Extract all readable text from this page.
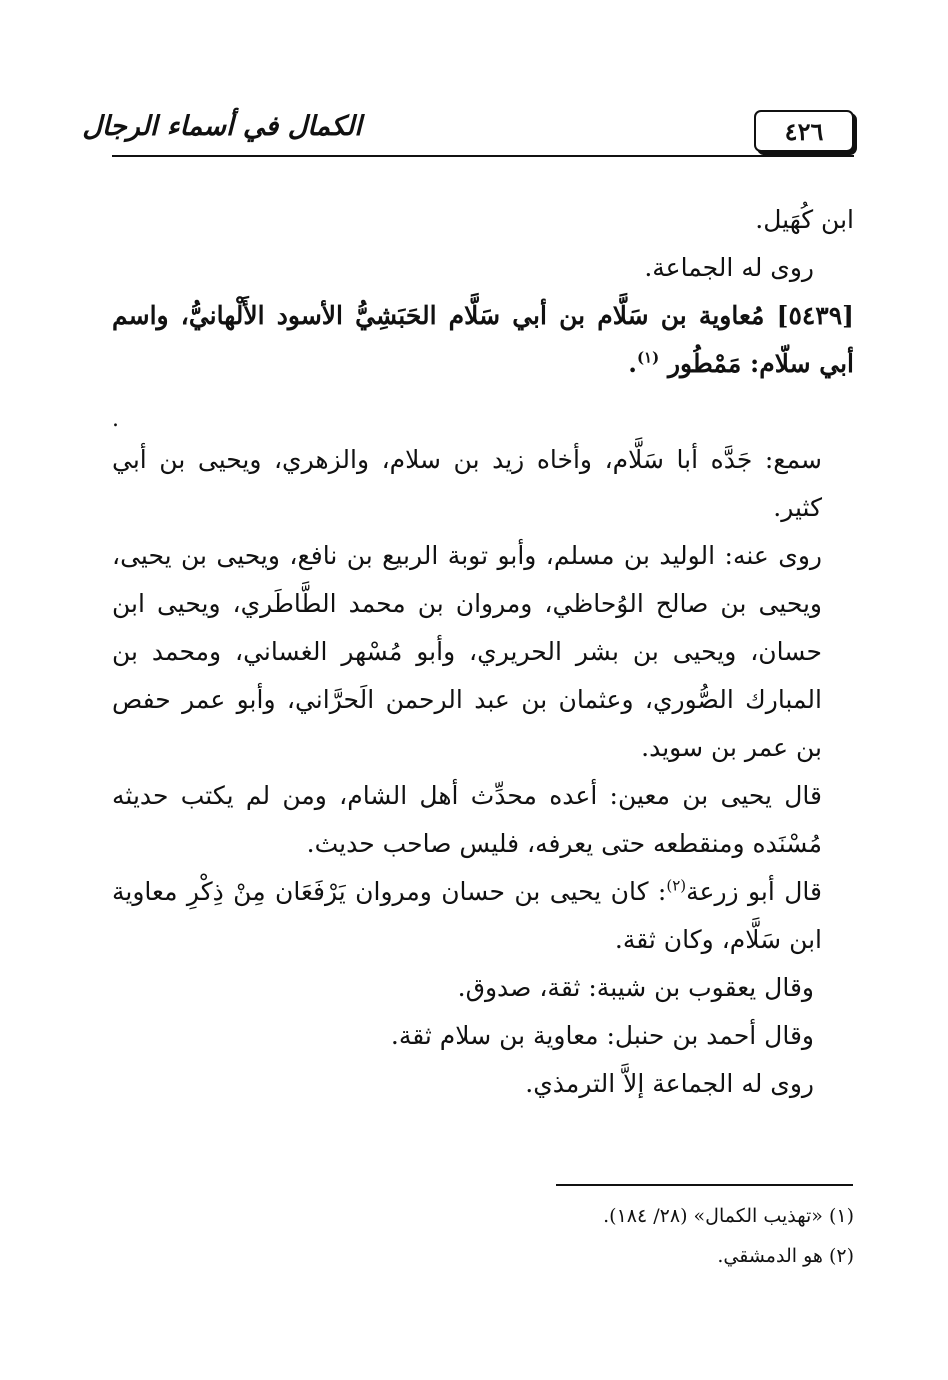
الكمال في أسماء الرجال	٤٢٦

ابن كُهَيل.

روى له الجماعة.

[٥٤٣٩] مُعاوية بن سَلَّام بن أبي سَلَّام الحَبَشِيُّ الأسود الأَلْهانيُّ، واسم أبي سلّام: مَمْطُور $^{(١)}$.

.

سمع: جَدَّه أبا سَلَّام، وأخاه زيد بن سلام، والزهري، ويحيى بن أبي كثير.

روى عنه: الوليد بن مسلم، وأبو توبة الربيع بن نافع، ويحيى بن يحيى، ويحيى بن صالح الوُحاظي، ومروان بن محمد الطَّاطَري، ويحيى ابن حسان، ويحيى بن بشر الحريري، وأبو مُسْهر الغساني، ومحمد بن المبارك الصُّوري، وعثمان بن عبد الرحمن الَحرَّاني، وأبو عمر حفص بن عمر بن سويد.

قال يحيى بن معين: أعده محدِّث أهل الشام، ومن لم يكتب حديثه مُسْنَده ومنقطعه حتى يعرفه، فليس صاحب حديث.

قال أبو زرعة$^{(٢)}$: كان يحيى بن حسان ومروان يَرْفَعَان مِنْ ذِكْرِ معاوية ابن سَلَّام، وكان ثقة.

وقال يعقوب بن شيبة: ثقة، صدوق.

وقال أحمد بن حنبل: معاوية بن سلام ثقة.

روى له الجماعة إلاَّ الترمذي.

(١) «تهذيب الكمال» (٢٨/ ١٨٤).

(٢) هو الدمشقي.
